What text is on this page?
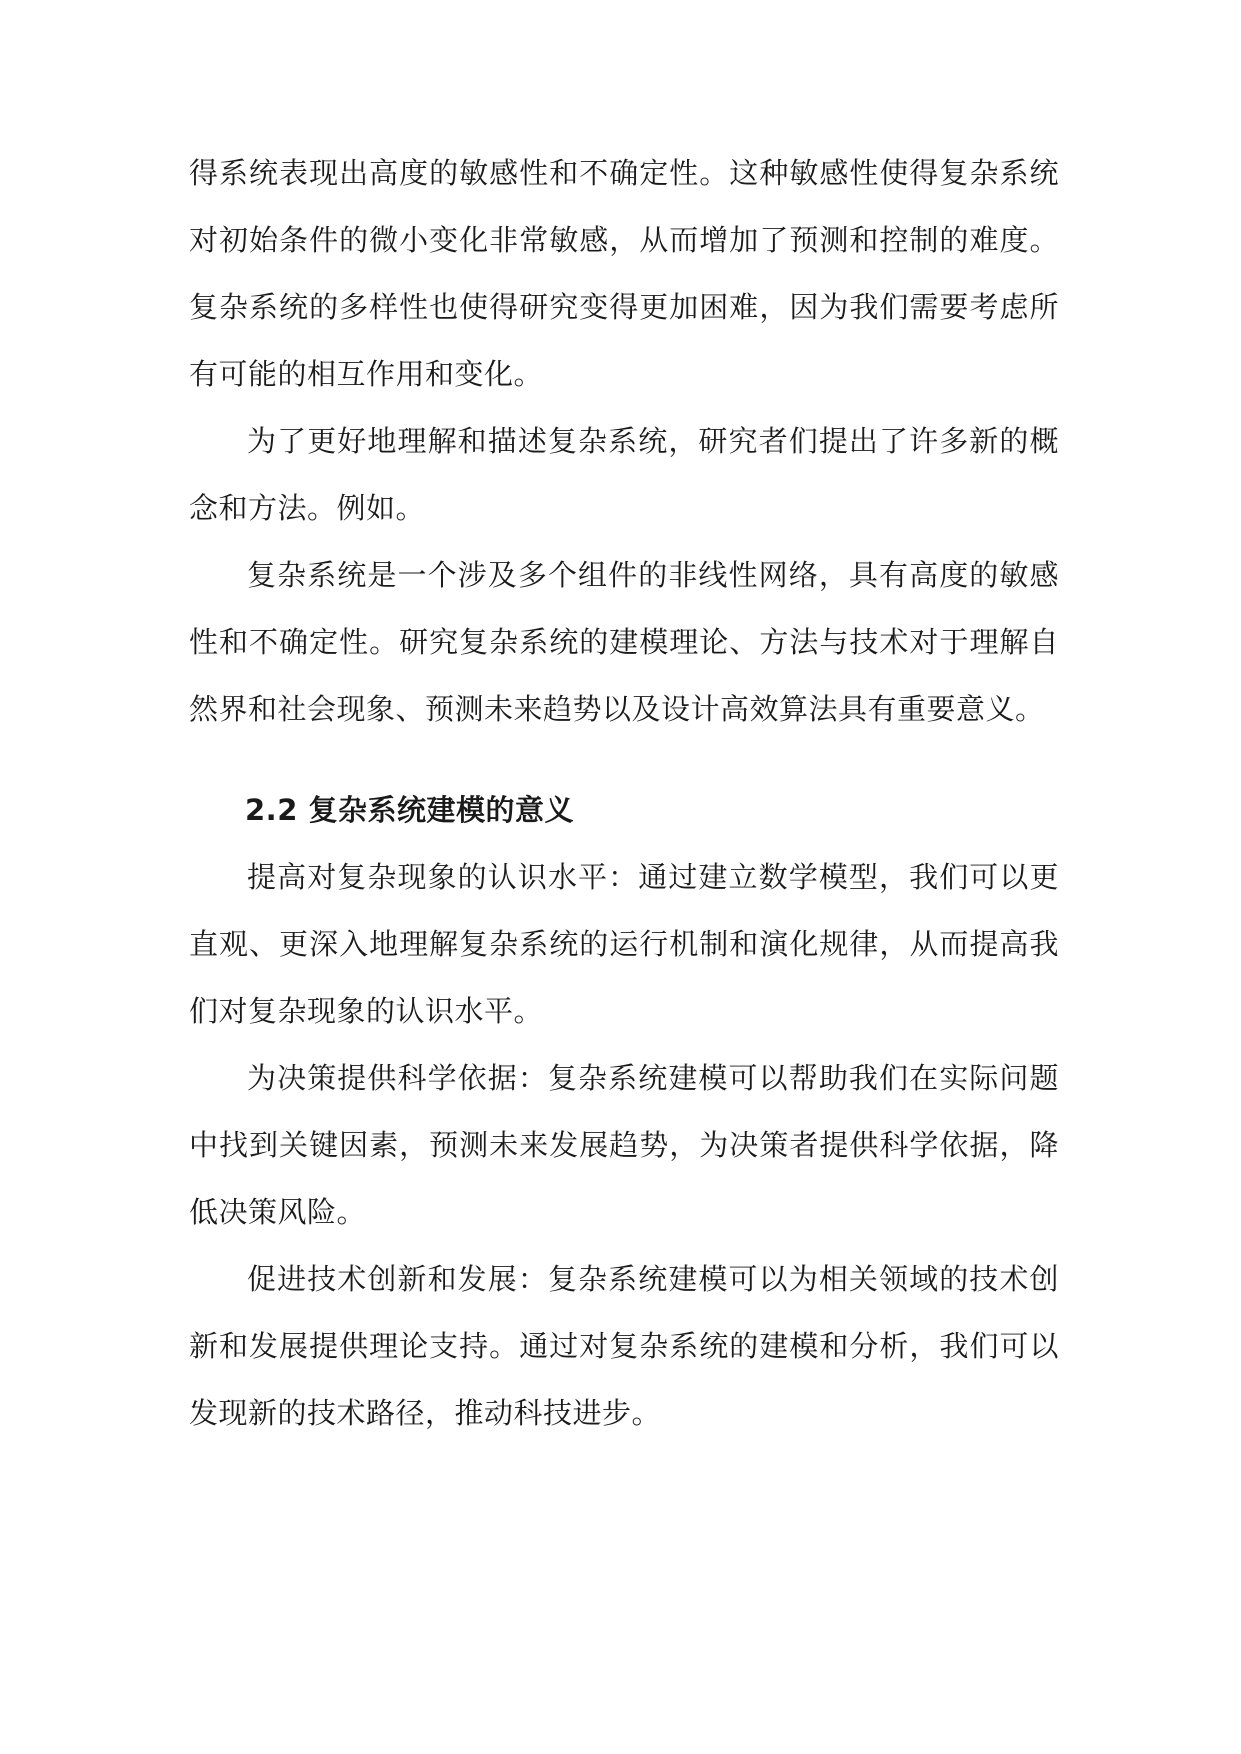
得系统表现出高度的敏感性和不确定性。这种敏感性使得复杂系统对初始条件的微小变化非常敏感，从而增加了预测和控制的难度。复杂系统的多样性也使得研究变得更加困难，因为我们需要考虑所有可能的相互作用和变化。

为了更好地理解和描述复杂系统，研究者们提出了许多新的概念和方法。例如。

复杂系统是一个涉及多个组件的非线性网络，具有高度的敏感性和不确定性。研究复杂系统的建模理论、方法与技术对于理解自然界和社会现象、预测未来趋势以及设计高效算法具有重要意义。

2.2 复杂系统建模的意义

提高对复杂现象的认识水平：通过建立数学模型，我们可以更直观、更深入地理解复杂系统的运行机制和演化规律，从而提高我们对复杂现象的认识水平。

为决策提供科学依据：复杂系统建模可以帮助我们在实际问题中找到关键因素，预测未来发展趋势，为决策者提供科学依据，降低决策风险。

促进技术创新和发展：复杂系统建模可以为相关领域的技术创新和发展提供理论支持。通过对复杂系统的建模和分析，我们可以发现新的技术路径，推动科技进步。
